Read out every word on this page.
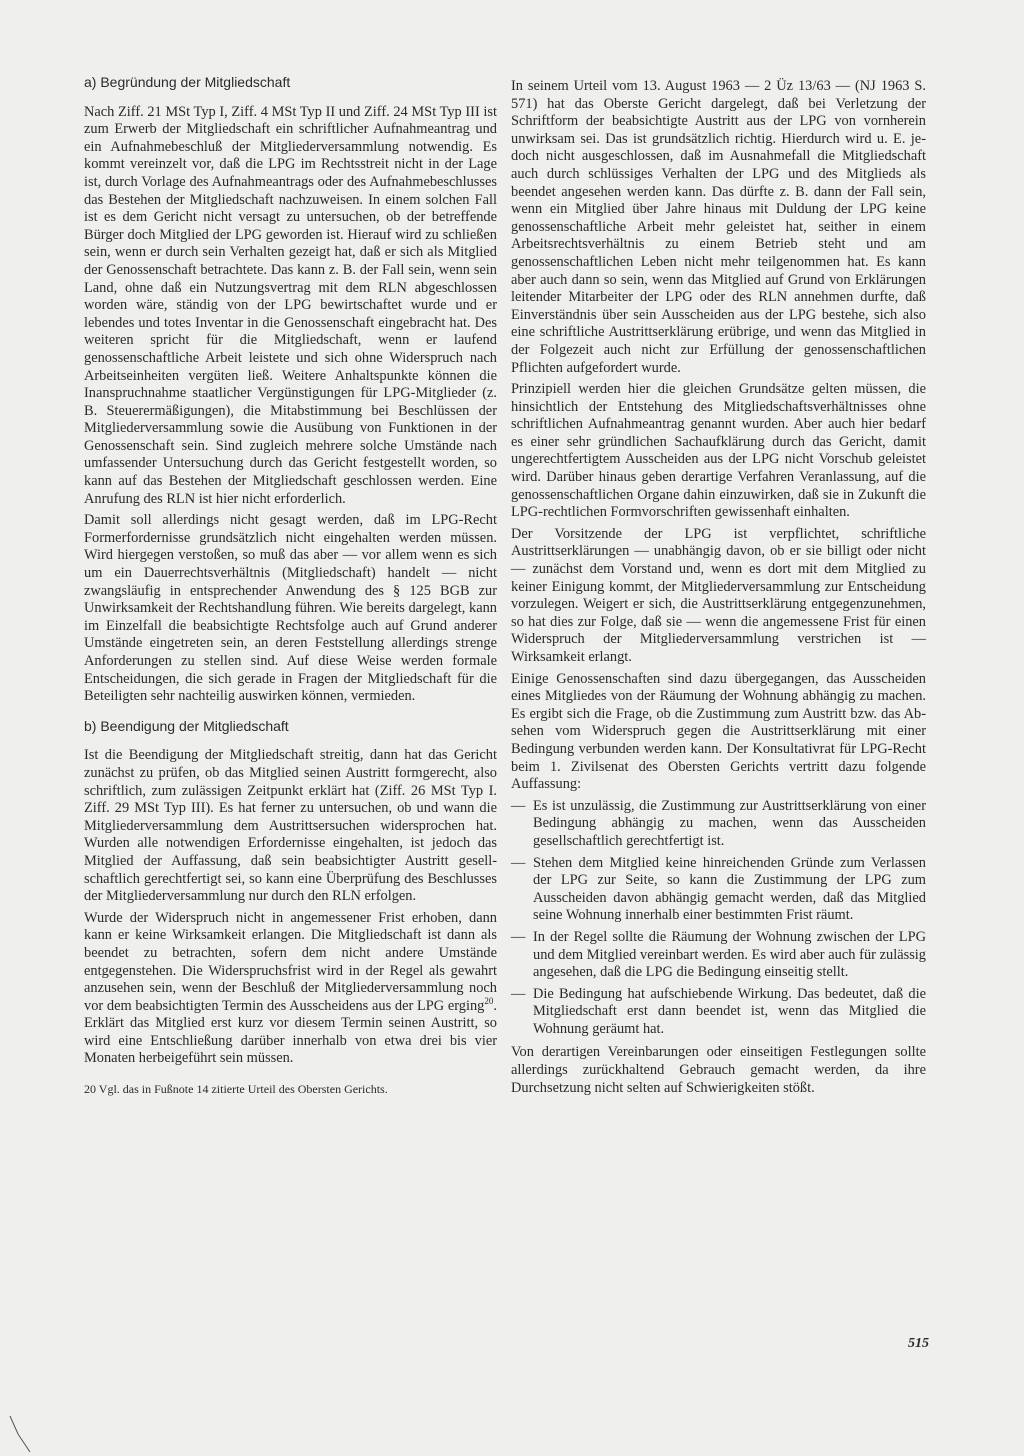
a) Begründung der Mitgliedschaft

Nach Ziff. 21 MSt Typ I, Ziff. 4 MSt Typ II und Ziff. 24 MSt Typ III ist zum Erwerb der Mitgliedschaft ein schriftlicher Aufnahmeantrag und ein Aufnahmebeschluß der Mitgliederversammlung notwendig. Es kommt vereinzelt vor, daß die LPG im Rechtsstreit nicht in der Lage ist, durch Vorlage des Aufnahmeantrags oder des Aufnahmebeschlusses das Bestehen der Mitgliedschaft nachzuweisen. In einem solchen Fall ist es dem Gericht nicht versagt zu untersuchen, ob der betreffende Bürger doch Mitglied der LPG geworden ist. Hierauf wird zu schließen sein, wenn er durch sein Verhalten gezeigt hat, daß er sich als Mitglied der Genossenschaft betrachtete. Das kann z. B. der Fall sein, wenn sein Land, ohne daß ein Nutzungsvertrag mit dem RLN abgeschlossen worden wäre, ständig von der LPG bewirtschaftet wurde und er lebendes und totes Inventar in die Genossenschaft eingebracht hat. Des weiteren spricht für die Mitgliedschaft, wenn er laufend genossenschaftliche Arbeit leistete und sich ohne Widerspruch nach Arbeitseinheiten vergüten ließ. Weitere Anhaltspunkte können die Inanspruchnahme staatlicher Vergünstigungen für LPG-Mitglieder (z. B. Steuerermäßigungen), die Mitabstimmung bei Beschlüssen der Mitgliederversammlung sowie die Ausübung von Funktionen in der Genossenschaft sein. Sind zugleich mehrere solche Umstände nach umfassender Untersuchung durch das Gericht festgestellt worden, so kann auf das Bestehen der Mitgliedschaft geschlossen werden. Eine Anrufung des RLN ist hier nicht erforderlich.

Damit soll allerdings nicht gesagt werden, daß im LPG-Recht Formerfordernisse grundsätzlich nicht eingehalten werden müssen. Wird hiergegen verstoßen, so muß das aber — vor allem wenn es sich um ein Dauerrechtsverhältnis (Mitgliedschaft) handelt — nicht zwangsläufig in entsprechender Anwendung des § 125 BGB zur Unwirksamkeit der Rechtshandlung führen. Wie bereits dargelegt, kann im Einzelfall die beabsichtigte Rechtsfolge auch auf Grund anderer Umstände eingetreten sein, an deren Feststellung allerdings strenge Anforderungen zu stellen sind. Auf diese Weise werden formale Entscheidungen, die sich gerade in Fragen der Mitgliedschaft für die Beteiligten sehr nachteilig auswirken können, vermieden.

b) Beendigung der Mitgliedschaft

Ist die Beendigung der Mitgliedschaft streitig, dann hat das Gericht zunächst zu prüfen, ob das Mitglied seinen Austritt formgerecht, also schriftlich, zum zulässigen Zeitpunkt erklärt hat (Ziff. 26 MSt Typ I. Ziff. 29 MSt Typ III). Es hat ferner zu untersuchen, ob und wann die Mitgliederversammlung dem Austrittsersuchen widersprochen hat. Wurden alle notwendigen Erfordernisse eingehalten, ist jedoch das Mitglied der Auffassung, daß sein beabsichtigter Austritt gesellschaftlich gerechtfertigt sei, so kann eine Überprüfung des Beschlusses der Mitgliederversammlung nur durch den RLN erfolgen.

Wurde der Widerspruch nicht in angemessener Frist erhoben, dann kann er keine Wirksamkeit erlangen. Die Mitgliedschaft ist dann als beendet zu betrachten, sofern dem nicht andere Umstände entgegenstehen. Die Widerspruchsfrist wird in der Regel als gewahrt anzusehen sein, wenn der Beschluß der Mitgliederversammlung noch vor dem beabsichtigten Termin des Ausscheidens aus der LPG erging$^{20}$. Erklärt das Mitglied erst kurz vor diesem Termin seinen Austritt, so wird eine Entschließung darüber innerhalb von etwa drei bis vier Monaten herbeigeführt sein müssen.

20 Vgl. das in Fußnote 14 zitierte Urteil des Obersten Gerichts.

In seinem Urteil vom 13. August 1963 — 2 Üz 13/63 — (NJ 1963 S. 571) hat das Oberste Gericht dargelegt, daß bei Verletzung der Schriftform der beabsichtigte Austritt aus der LPG von vornherein unwirksam sei. Das ist grundsätzlich richtig. Hierdurch wird u. E. jedoch nicht ausgeschlossen, daß im Ausnahmefall die Mitgliedschaft auch durch schlüssiges Verhalten der LPG und des Mitglieds als beendet angesehen werden kann. Das dürfte z. B. dann der Fall sein, wenn ein Mitglied über Jahre hinaus mit Duldung der LPG keine genossenschaftliche Arbeit mehr geleistet hat, seither in einem Arbeitsrechtsverhältnis zu einem Betrieb steht und am genossenschaftlichen Leben nicht mehr teilgenommen hat. Es kann aber auch dann so sein, wenn das Mitglied auf Grund von Erklärungen leitender Mitarbeiter der LPG oder des RLN annehmen durfte, daß Einverständnis über sein Ausscheiden aus der LPG bestehe, sich also eine schriftliche Austrittserklärung erübrige, und wenn das Mitglied in der Folgezeit auch nicht zur Erfüllung der genossenschaftlichen Pflichten aufgefordert wurde.

Prinzipiell werden hier die gleichen Grundsätze gelten müssen, die hinsichtlich der Entstehung des Mitgliedschaftsverhältnisses ohne schriftlichen Aufnahmeantrag genannt wurden. Aber auch hier bedarf es einer sehr gründlichen Sachaufklärung durch das Gericht, damit ungerechtfertigtem Ausscheiden aus der LPG nicht Vorschub geleistet wird. Darüber hinaus geben derartige Verfahren Veranlassung, auf die genossenschaftlichen Organe dahin einzuwirken, daß sie in Zukunft die LPG-rechtlichen Formvorschriften gewissenhaft einhalten.

Der Vorsitzende der LPG ist verpflichtet, schriftliche Austrittserklärungen — unabhängig davon, ob er sie billigt oder nicht — zunächst dem Vorstand und, wenn es dort mit dem Mitglied zu keiner Einigung kommt, der Mitgliederversammlung zur Entscheidung vorzulegen. Weigert er sich, die Austrittserklärung entgegenzunehmen, so hat dies zur Folge, daß sie — wenn die angemessene Frist für einen Widerspruch der Mitgliederversammlung verstrichen ist — Wirksamkeit erlangt.

Einige Genossenschaften sind dazu übergegangen, das Ausscheiden eines Mitgliedes von der Räumung der Wohnung abhängig zu machen. Es ergibt sich die Frage, ob die Zustimmung zum Austritt bzw. das Absehen vom Widerspruch gegen die Austrittserklärung mit einer Bedingung verbunden werden kann. Der Konsultativrat für LPG-Recht beim 1. Zivilsenat des Obersten Gerichts vertritt dazu folgende Auffassung:

— Es ist unzulässig, die Zustimmung zur Austrittserklärung von einer Bedingung abhängig zu machen, wenn das Ausscheiden gesellschaftlich gerechtfertigt ist.
— Stehen dem Mitglied keine hinreichenden Gründe zum Verlassen der LPG zur Seite, so kann die Zustimmung der LPG zum Ausscheiden davon abhängig gemacht werden, daß das Mitglied seine Wohnung innerhalb einer bestimmten Frist räumt.
— In der Regel sollte die Räumung der Wohnung zwischen der LPG und dem Mitglied vereinbart werden. Es wird aber auch für zulässig angesehen, daß die LPG die Bedingung einseitig stellt.
— Die Bedingung hat aufschiebende Wirkung. Das bedeutet, daß die Mitgliedschaft erst dann beendet ist, wenn das Mitglied die Wohnung geräumt hat.

Von derartigen Vereinbarungen oder einseitigen Festlegungen sollte allerdings zurückhaltend Gebrauch gemacht werden, da ihre Durchsetzung nicht selten auf Schwierigkeiten stößt.

515
